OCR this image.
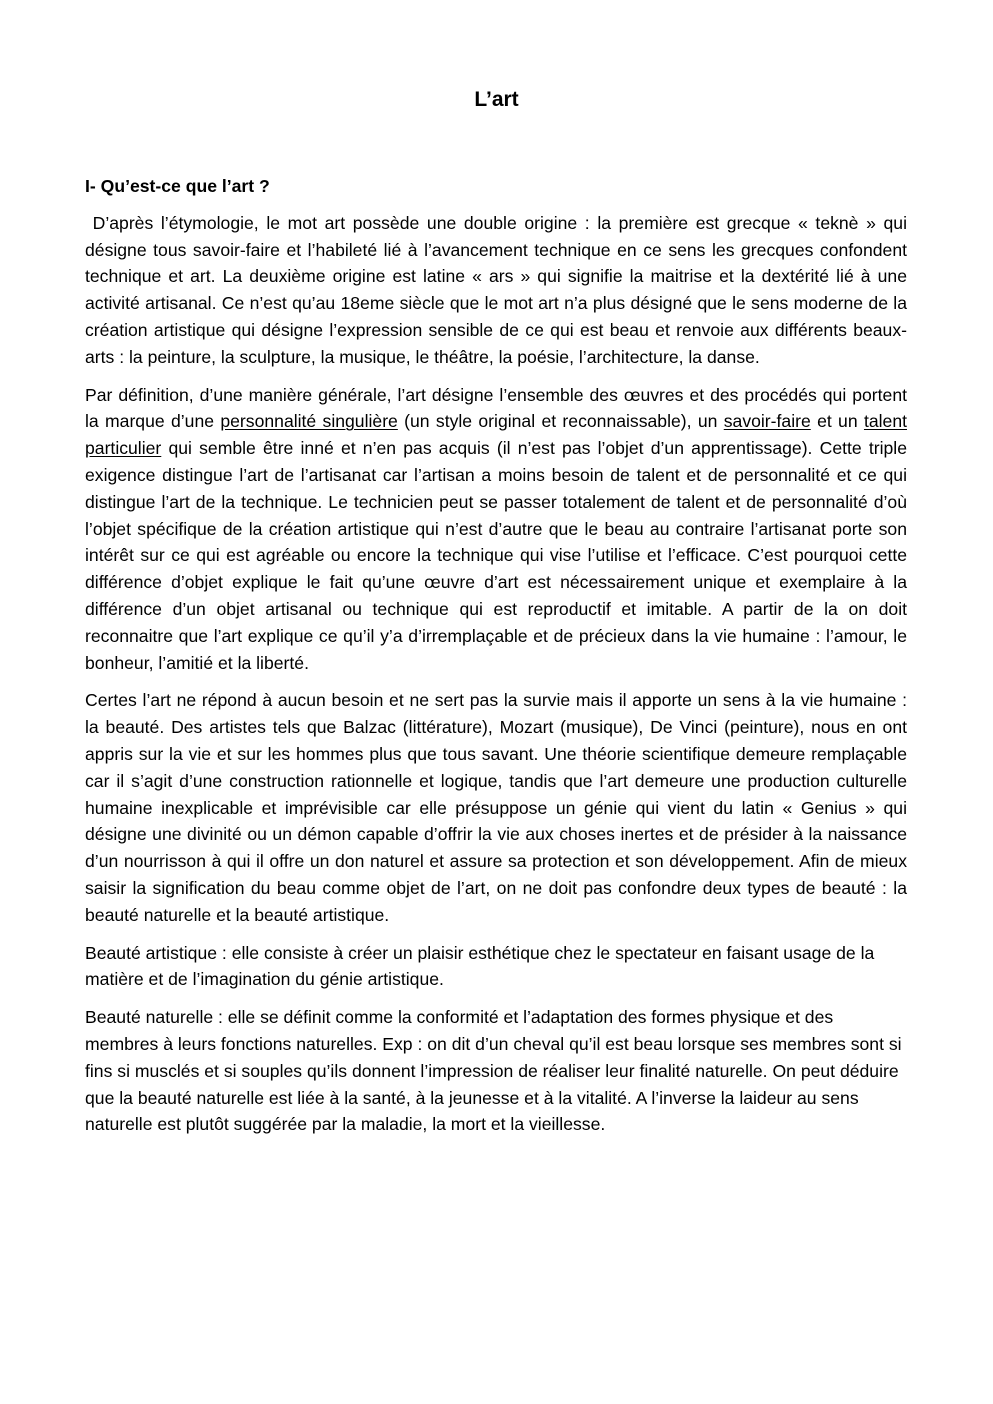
L’art

I- Qu’est-ce que l’art ?

D’après l’étymologie, le mot art possède une double origine : la première est grecque « teknè » qui désigne tous savoir-faire et l’habileté lié à l’avancement technique en ce sens les grecques confondent technique et art. La deuxième origine est latine « ars » qui signifie la maitrise et la dextérité lié à une activité artisanal. Ce n’est qu’au 18eme siècle que le mot art n’a plus désigné que le sens moderne de la création artistique qui désigne l’expression sensible de ce qui est beau et renvoie aux différents beaux-arts : la peinture, la sculpture, la musique, le théâtre, la poésie, l’architecture, la danse.

Par définition, d’une manière générale, l’art désigne l’ensemble des œuvres et des procédés qui portent la marque d’une personnalité singulière (un style original et reconnaissable), un savoir-faire et un talent particulier qui semble être inné et n’en pas acquis (il n’est pas l’objet d’un apprentissage). Cette triple exigence distingue l’art de l’artisanat car l’artisan a moins besoin de talent et de personnalité et ce qui distingue l’art de la technique. Le technicien peut se passer totalement de talent et de personnalité d’où l’objet spécifique de la création artistique qui n’est d’autre que le beau au contraire l’artisanat porte son intérêt sur ce qui est agréable ou encore la technique qui vise l’utilise et l’efficace. C’est pourquoi cette différence d’objet explique le fait qu’une œuvre d’art est nécessairement unique et exemplaire à la différence d’un objet artisanal ou technique qui est reproductif et imitable. A partir de la on doit reconnaitre que l’art explique ce qu’il y’a d’irremplaçable et de précieux dans la vie humaine : l’amour, le bonheur, l’amitié et la liberté.

Certes l’art ne répond à aucun besoin et ne sert pas la survie mais il apporte un sens à la vie humaine : la beauté. Des artistes tels que Balzac (littérature), Mozart (musique), De Vinci (peinture), nous en ont appris sur la vie et sur les hommes plus que tous savant. Une théorie scientifique demeure remplaçable car il s’agit d’une construction rationnelle et logique, tandis que l’art demeure une production culturelle humaine inexplicable et imprévisible car elle présuppose un génie qui vient du latin « Genius » qui désigne une divinité ou un démon capable d’offrir la vie aux choses inertes et de présider à la naissance d’un nourrisson à qui il offre un don naturel et assure sa protection et son développement. Afin de mieux saisir la signification du beau comme objet de l’art, on ne doit pas confondre deux types de beauté : la beauté naturelle et la beauté artistique.

Beauté artistique : elle consiste à créer un plaisir esthétique chez le spectateur en faisant usage de la matière et de l’imagination du génie artistique.

Beauté naturelle : elle se définit comme la conformité et l’adaptation des formes physique et des membres à leurs fonctions naturelles. Exp : on dit d’un cheval qu’il est beau lorsque ses membres sont si fins si musclés et si souples qu’ils donnent l’impression de réaliser leur finalité naturelle. On peut déduire que la beauté naturelle est liée à la santé, à la jeunesse et à la vitalité. A l’inverse la laideur au sens naturelle est plutôt suggérée par la maladie, la mort et la vieillesse.
